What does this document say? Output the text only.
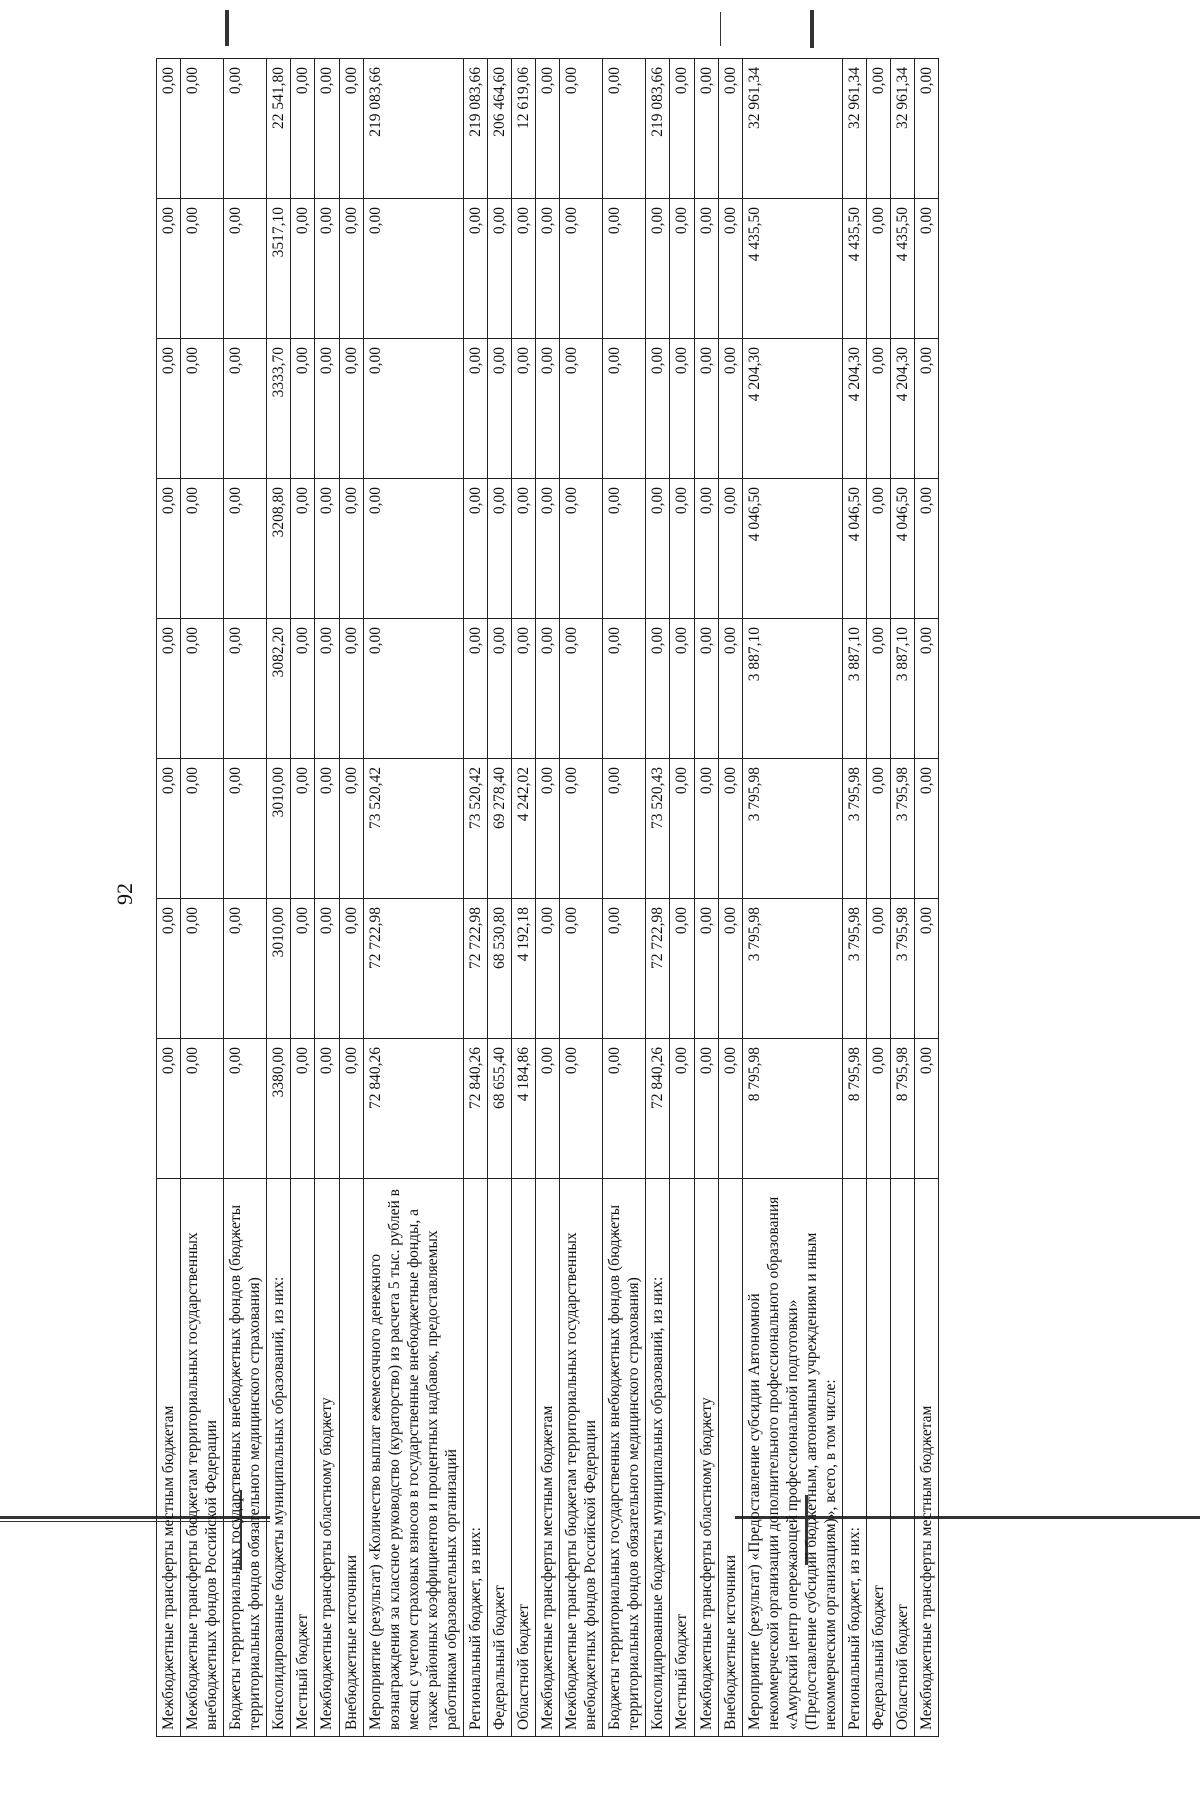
92
Межбюджетные трансферты местным бюджетам	0,00	0,00	0,00	0,00	0,00	0,00	0,00	0,00
Межбюджетные трансферты бюджетам территориальных государственных внебюджетных фондов Российской Федерации	0,00	0,00	0,00	0,00	0,00	0,00	0,00	0,00
Бюджеты территориальных государственных внебюджетных фондов (бюджеты территориальных фондов обязательного медицинского страхования)	0,00	0,00	0,00	0,00	0,00	0,00	0,00	0,00
Консолидированные бюджеты муниципальных образований, из них:	3380,00	3010,00	3010,00	3082,20	3208,80	3333,70	3517,10	22 541,80
Местный бюджет	0,00	0,00	0,00	0,00	0,00	0,00	0,00	0,00
Межбюджетные трансферты областному бюджету	0,00	0,00	0,00	0,00	0,00	0,00	0,00	0,00
Внебюджетные источники	0,00	0,00	0,00	0,00	0,00	0,00	0,00	0,00
Мероприятие (результат) «Количество выплат ежемесячного денежного вознаграждения за классное руководство (кураторство) из расчета 5 тыс. рублей в месяц с учетом страховых взносов в государственные внебюджетные фонды, а также районных коэффициентов и процентных надбавок, предоставляемых работникам образовательных организаций	72 840,26	72 722,98	73 520,42	0,00	0,00	0,00	0,00	219 083,66
Региональный бюджет, из них:	72 840,26	72 722,98	73 520,42	0,00	0,00	0,00	0,00	219 083,66
Федеральный бюджет	68 655,40	68 530,80	69 278,40	0,00	0,00	0,00	0,00	206 464,60
Областной бюджет	4 184,86	4 192,18	4 242,02	0,00	0,00	0,00	0,00	12 619,06
Межбюджетные трансферты местным бюджетам	0,00	0,00	0,00	0,00	0,00	0,00	0,00	0,00
Межбюджетные трансферты бюджетам территориальных государственных внебюджетных фондов Российской Федерации	0,00	0,00	0,00	0,00	0,00	0,00	0,00	0,00
Бюджеты территориальных государственных внебюджетных фондов (бюджеты территориальных фондов обязательного медицинского страхования)	0,00	0,00	0,00	0,00	0,00	0,00	0,00	0,00
Консолидированные бюджеты муниципальных образований, из них:	72 840,26	72 722,98	73 520,43	0,00	0,00	0,00	0,00	219 083,66
Местный бюджет	0,00	0,00	0,00	0,00	0,00	0,00	0,00	0,00
Межбюджетные трансферты областному бюджету	0,00	0,00	0,00	0,00	0,00	0,00	0,00	0,00
Внебюджетные источники	0,00	0,00	0,00	0,00	0,00	0,00	0,00	0,00
Мероприятие (результат) «Предоставление субсидии Автономной некоммерческой организации дополнительного профессионального образования «Амурский центр опережающей профессиональной подготовки» (Предоставление субсидий бюджетным, автономным учреждениям и иным некоммерческим организациям)», всего, в том числе:	8 795,98	3 795,98	3 795,98	3 887,10	4 046,50	4 204,30	4 435,50	32 961,34
Региональный бюджет, из них:	8 795,98	3 795,98	3 795,98	3 887,10	4 046,50	4 204,30	4 435,50	32 961,34
Федеральный бюджет	0,00	0,00	0,00	0,00	0,00	0,00	0,00	0,00
Областной бюджет	8 795,98	3 795,98	3 795,98	3 887,10	4 046,50	4 204,30	4 435,50	32 961,34
Межбюджетные трансферты местным бюджетам	0,00	0,00	0,00	0,00	0,00	0,00	0,00	0,00
